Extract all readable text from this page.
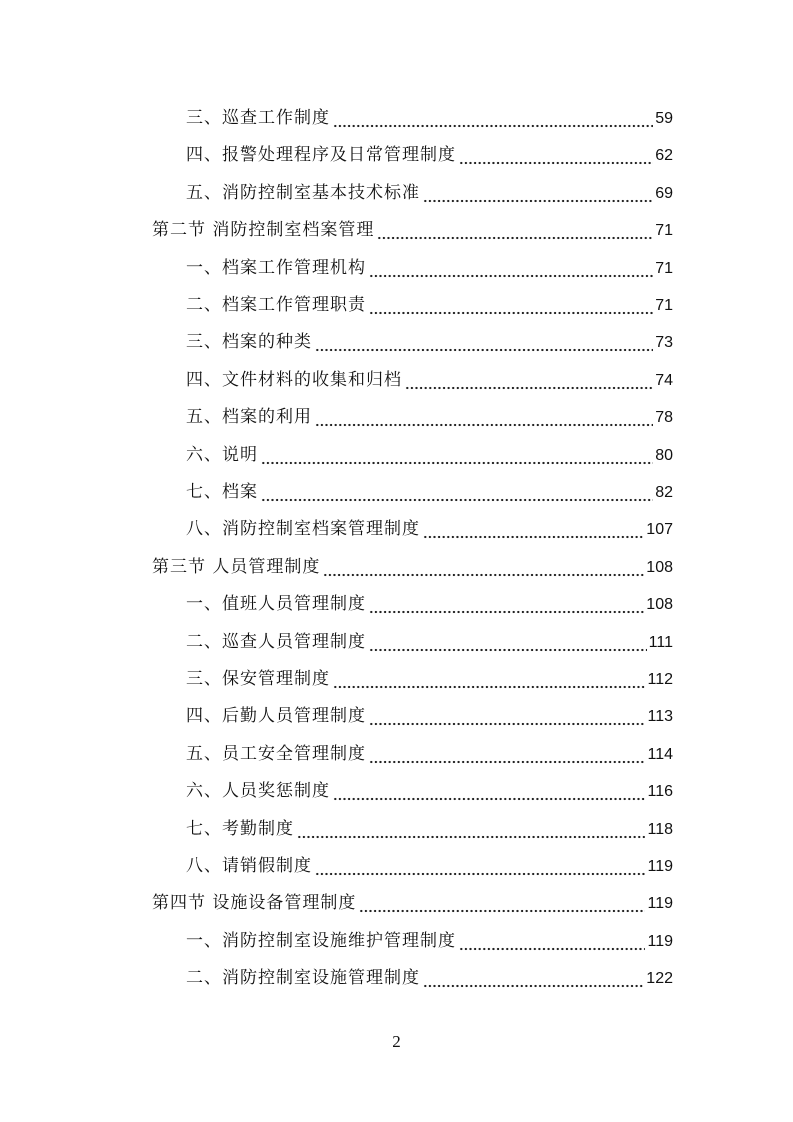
三、巡查工作制度	59
四、报警处理程序及日常管理制度	62
五、消防控制室基本技术标准	69
第二节 消防控制室档案管理	71
一、档案工作管理机构	71
二、档案工作管理职责	71
三、档案的种类	73
四、文件材料的收集和归档	74
五、档案的利用	78
六、说明	80
七、档案	82
八、消防控制室档案管理制度	107
第三节 人员管理制度	108
一、值班人员管理制度	108
二、巡查人员管理制度	111
三、保安管理制度	112
四、后勤人员管理制度	113
五、员工安全管理制度	114
六、人员奖惩制度	116
七、考勤制度	118
八、请销假制度	119
第四节 设施设备管理制度	119
一、消防控制室设施维护管理制度	119
二、消防控制室设施管理制度	122
2
